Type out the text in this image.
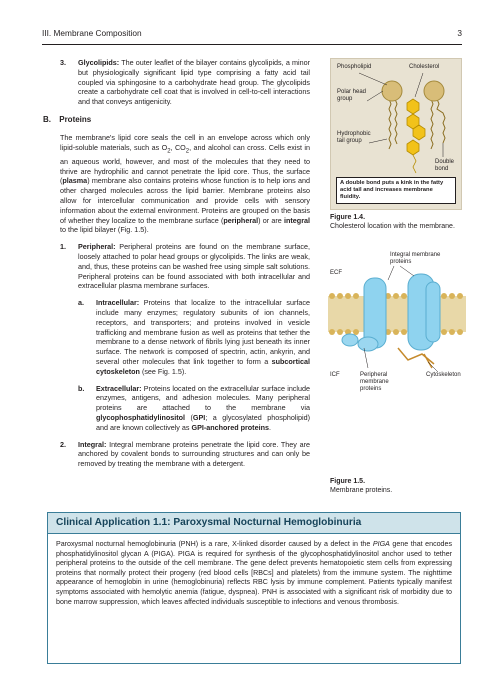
III. Membrane Composition	3
3. Glycolipids: The outer leaflet of the bilayer contains glycolipids, a minor but physiologically significant lipid type comprising a fatty acid tail coupled via sphingosine to a carbohydrate head group. The glycolipids create a carbohydrate cell coat that is involved in cell-to-cell interactions and that conveys antigenicity.

B. Proteins

The membrane's lipid core seals the cell in an envelope across which only lipid-soluble materials, such as $O_2$, $CO_2$, and alcohol can cross. Cells exist in an aqueous world, however, and most of the molecules that they need to thrive are hydrophilic and cannot penetrate the lipid core. Thus, the surface (plasma) membrane also contains proteins whose function is to help ions and other charged molecules across the lipid barrier. Membrane proteins also allow for intercellular communication and provide cells with sensory information about the external environment. Proteins are grouped on the basis of whether they localize to the membrane surface (peripheral) or are integral to the lipid bilayer (Fig. 1.5).

1. Peripheral: Peripheral proteins are found on the membrane surface, loosely attached to polar head groups or glycolipids. The links are weak, and, thus, these proteins can be washed free using simple salt solutions. Peripheral proteins can be found associated with both intracellular and extracellular plasma membrane surfaces.

a. Intracellular: Proteins that localize to the intracellular surface include many enzymes; regulatory subunits of ion channels, receptors, and transporters; and proteins involved in vesicle trafficking and membrane fusion as well as proteins that tether the membrane to a dense network of fibrils lying just beneath its inner surface. The network is composed of spectrin, actin, ankyrin, and several other molecules that link together to form a subcortical cytoskeleton (see Fig. 1.5).

b. Extracellular: Proteins located on the extracellular surface include enzymes, antigens, and adhesion molecules. Many peripheral proteins are attached to the membrane via glycophosphatidylinositol (GPI; a glycosylated phospholipid) and are known collectively as GPI-anchored proteins.

2. Integral: Integral membrane proteins penetrate the lipid core. They are anchored by covalent bonds to surrounding structures and can only be removed by treating the membrane with a detergent.

Phospholipid	Cholesterol
Polar head group
Hydrophobic tail group
Double bond
A double bond puts a kink in the fatty acid tail and increases membrane fluidity.
Figure 1.4.
Cholesterol location with the membrane.
ECF
ICF
Integral membrane proteins
Peripheral membrane proteins
Cytoskeleton
Figure 1.5.
Membrane proteins.
Clinical Application 1.1: Paroxysmal Nocturnal Hemoglobinuria
Paroxysmal nocturnal hemoglobinuria (PNH) is a rare, X-linked disorder caused by a defect in the PIGA gene that encodes phosphatidylinositol glycan A (PIGA). PIGA is required for synthesis of the glycophosphatidylinositol anchor used to tether peripheral proteins to the outside of the cell membrane. The gene defect prevents hematopoietic stem cells from expressing proteins that normally protect their progeny (red blood cells [RBCs] and platelets) from the immune system. The nighttime appearance of hemoglobin in urine (hemoglobinuria) reflects RBC lysis by immune complement. Patients typically manifest symptoms associated with hemolytic anemia (fatigue, dyspnea). PNH is associated with a significant risk of morbidity due to bone marrow suppression, which leaves affected individuals susceptible to infections and venous thrombosis.
